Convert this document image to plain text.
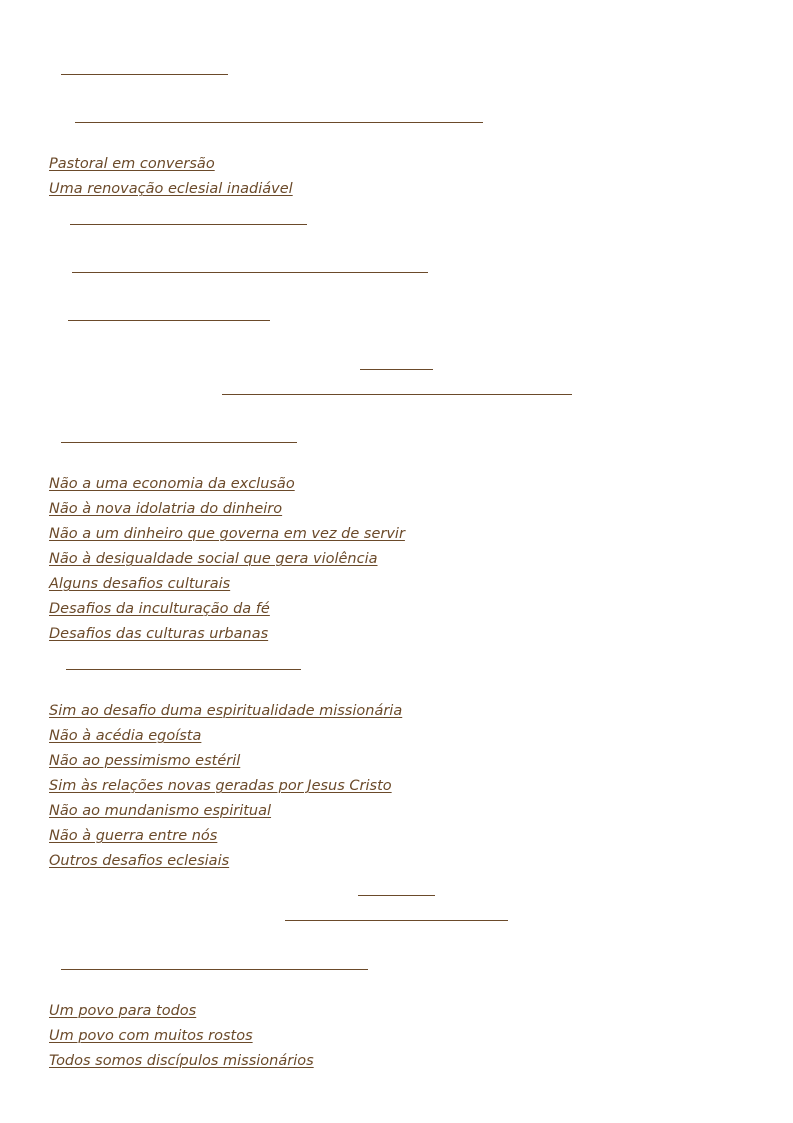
Pastoral em conversão
Uma renovação eclesial inadiável
Não a uma economia da exclusão
Não à nova idolatria do dinheiro
Não a um dinheiro que governa em vez de servir
Não à desigualdade social que gera violência
Alguns desafios culturais
Desafios da inculturação da fé
Desafios das culturas urbanas
Sim ao desafio duma espiritualidade missionária
Não à acédia egoísta
Não ao pessimismo estéril
Sim às relações novas geradas por Jesus Cristo
Não ao mundanismo espiritual
Não à guerra entre nós
Outros desafios eclesiais
Um povo para todos
Um povo com muitos rostos
Todos somos discípulos missionários
